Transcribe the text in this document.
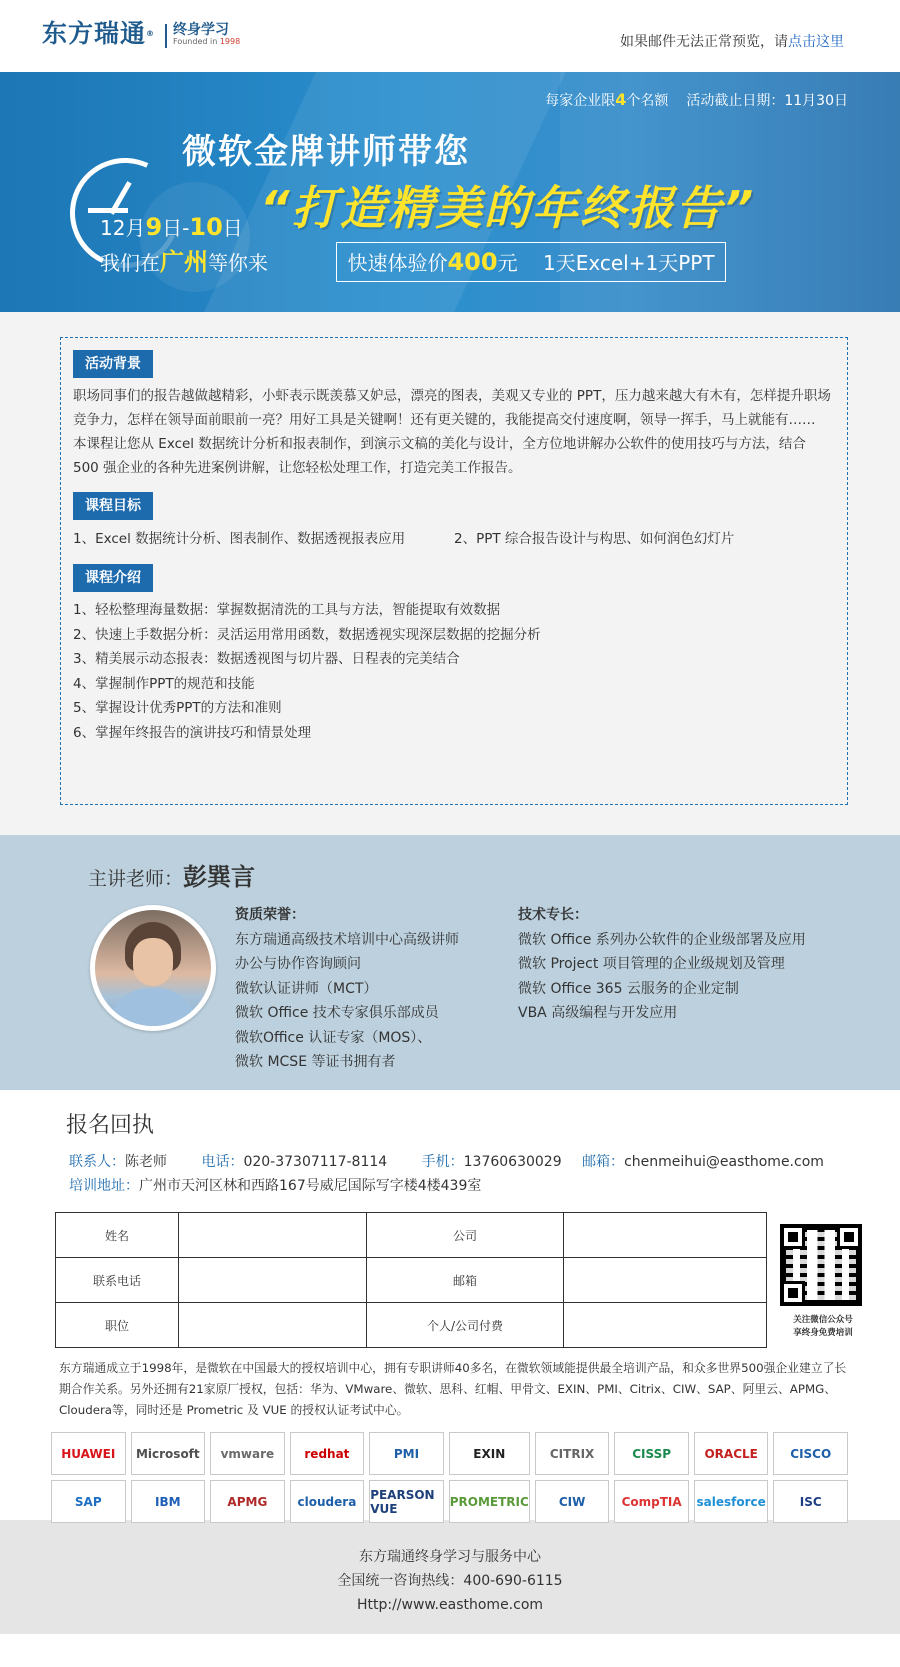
东方瑞通® 终身学习
Founded in 1998	如果邮件无法正常预览，请点击这里
每家企业限4个名额 活动截止日期：11月30日
微软金牌讲师带您
“打造精美的年终报告”
12月9日-10日
我们在广州等你来	快速体验价400元    1天Excel+1天PPT
活动背景
职场同事们的报告越做越精彩，小虾表示既羡慕又妒忌，漂亮的图表，美观又专业的 PPT，压力越来越大有木有，怎样提升职场竞争力，怎样在领导面前眼前一亮？用好工具是关键啊！还有更关键的，我能提高交付速度啊，领导一挥手，马上就能有……
本课程让您从 Excel 数据统计分析和报表制作，到演示文稿的美化与设计，全方位地讲解办公软件的使用技巧与方法，结合 500 强企业的各种先进案例讲解，让您轻松处理工作，打造完美工作报告。
课程目标
1、Excel 数据统计分析、图表制作、数据透视报表应用	2、PPT 综合报告设计与构思、如何润色幻灯片
课程介绍
1、轻松整理海量数据：掌握数据清洗的工具与方法，智能提取有效数据
2、快速上手数据分析：灵活运用常用函数，数据透视实现深层数据的挖掘分析
3、精美展示动态报表：数据透视图与切片器、日程表的完美结合
4、掌握制作PPT的规范和技能
5、掌握设计优秀PPT的方法和准则
6、掌握年终报告的演讲技巧和情景处理
主讲老师：彭巽言
资质荣誉：
东方瑞通高级技术培训中心高级讲师
办公与协作咨询顾问
微软认证讲师（MCT）
微软 Office 技术专家俱乐部成员
微软Office 认证专家（MOS）、
微软 MCSE 等证书拥有者
技术专长：
微软 Office 系列办公软件的企业级部署及应用
微软 Project 项目管理的企业级规划及管理
微软 Office 365 云服务的企业定制
VBA 高级编程与开发应用
报名回执
联系人：陈老师 电话：020-37307117-8114 手机：13760630029 邮箱：chenmeihui@easthome.com
培训地址：广州市天河区林和西路167号威尼国际写字楼4楼439室
姓名		公司	
联系电话		邮箱	
职位		个人/公司付费		关注微信公众号
享终身免费培训
东方瑞通成立于1998年，是微软在中国最大的授权培训中心，拥有专职讲师40多名，在微软领域能提供最全培训产品，和众多世界500强企业建立了长期合作关系。另外还拥有21家原厂授权，包括：华为、VMware、微软、思科、红帽、甲骨文、EXIN、PMI、Citrix、CIW、SAP、阿里云、APMG、Cloudera等，同时还是 Prometric 及 VUE 的授权认证考试中心。
HUAWEI	Microsoft	vmware	redhat	PMI	EXIN	CITRIX	CISSP	ORACLE	CISCO
SAP	IBM	APMG	cloudera	PEARSON VUE	PROMETRIC	CIW	CompTIA	salesforce	ISC
东方瑞通终身学习与服务中心
全国统一咨询热线：400-690-6115
Http://www.easthome.com
